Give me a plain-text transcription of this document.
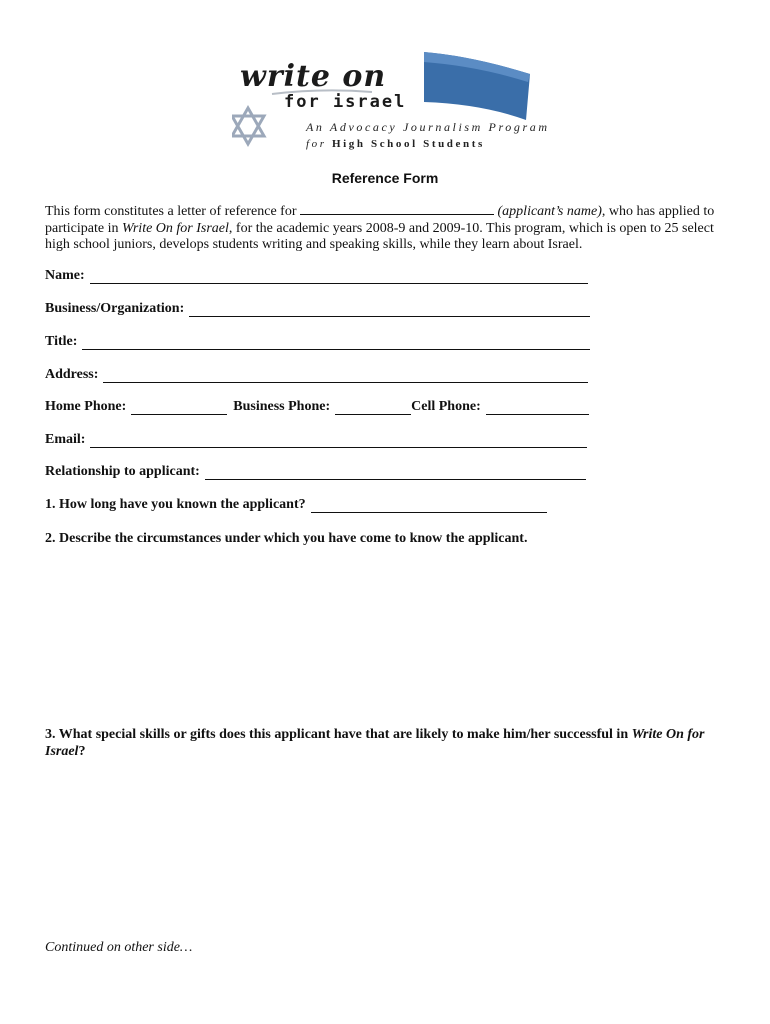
write on
for israel
An Advocacy Journalism Program
for High School Students
Reference Form
This form constitutes a letter of reference for	(applicant’s name), who has applied to participate in Write On for Israel, for the academic years 2008-9 and 2009-10. This program, which is open to 25 select high school juniors, develops students writing and speaking skills, while they learn about Israel.
Name:
Business/Organization:
Title:
Address:
Home Phone:	Business Phone:	Cell Phone:
Email:
Relationship to applicant:
1. How long have you known the applicant?
2. Describe the circumstances under which you have come to know the applicant.
3. What special skills or gifts does this applicant have that are likely to make him/her successful in Write On for Israel?
Continued on other side…
